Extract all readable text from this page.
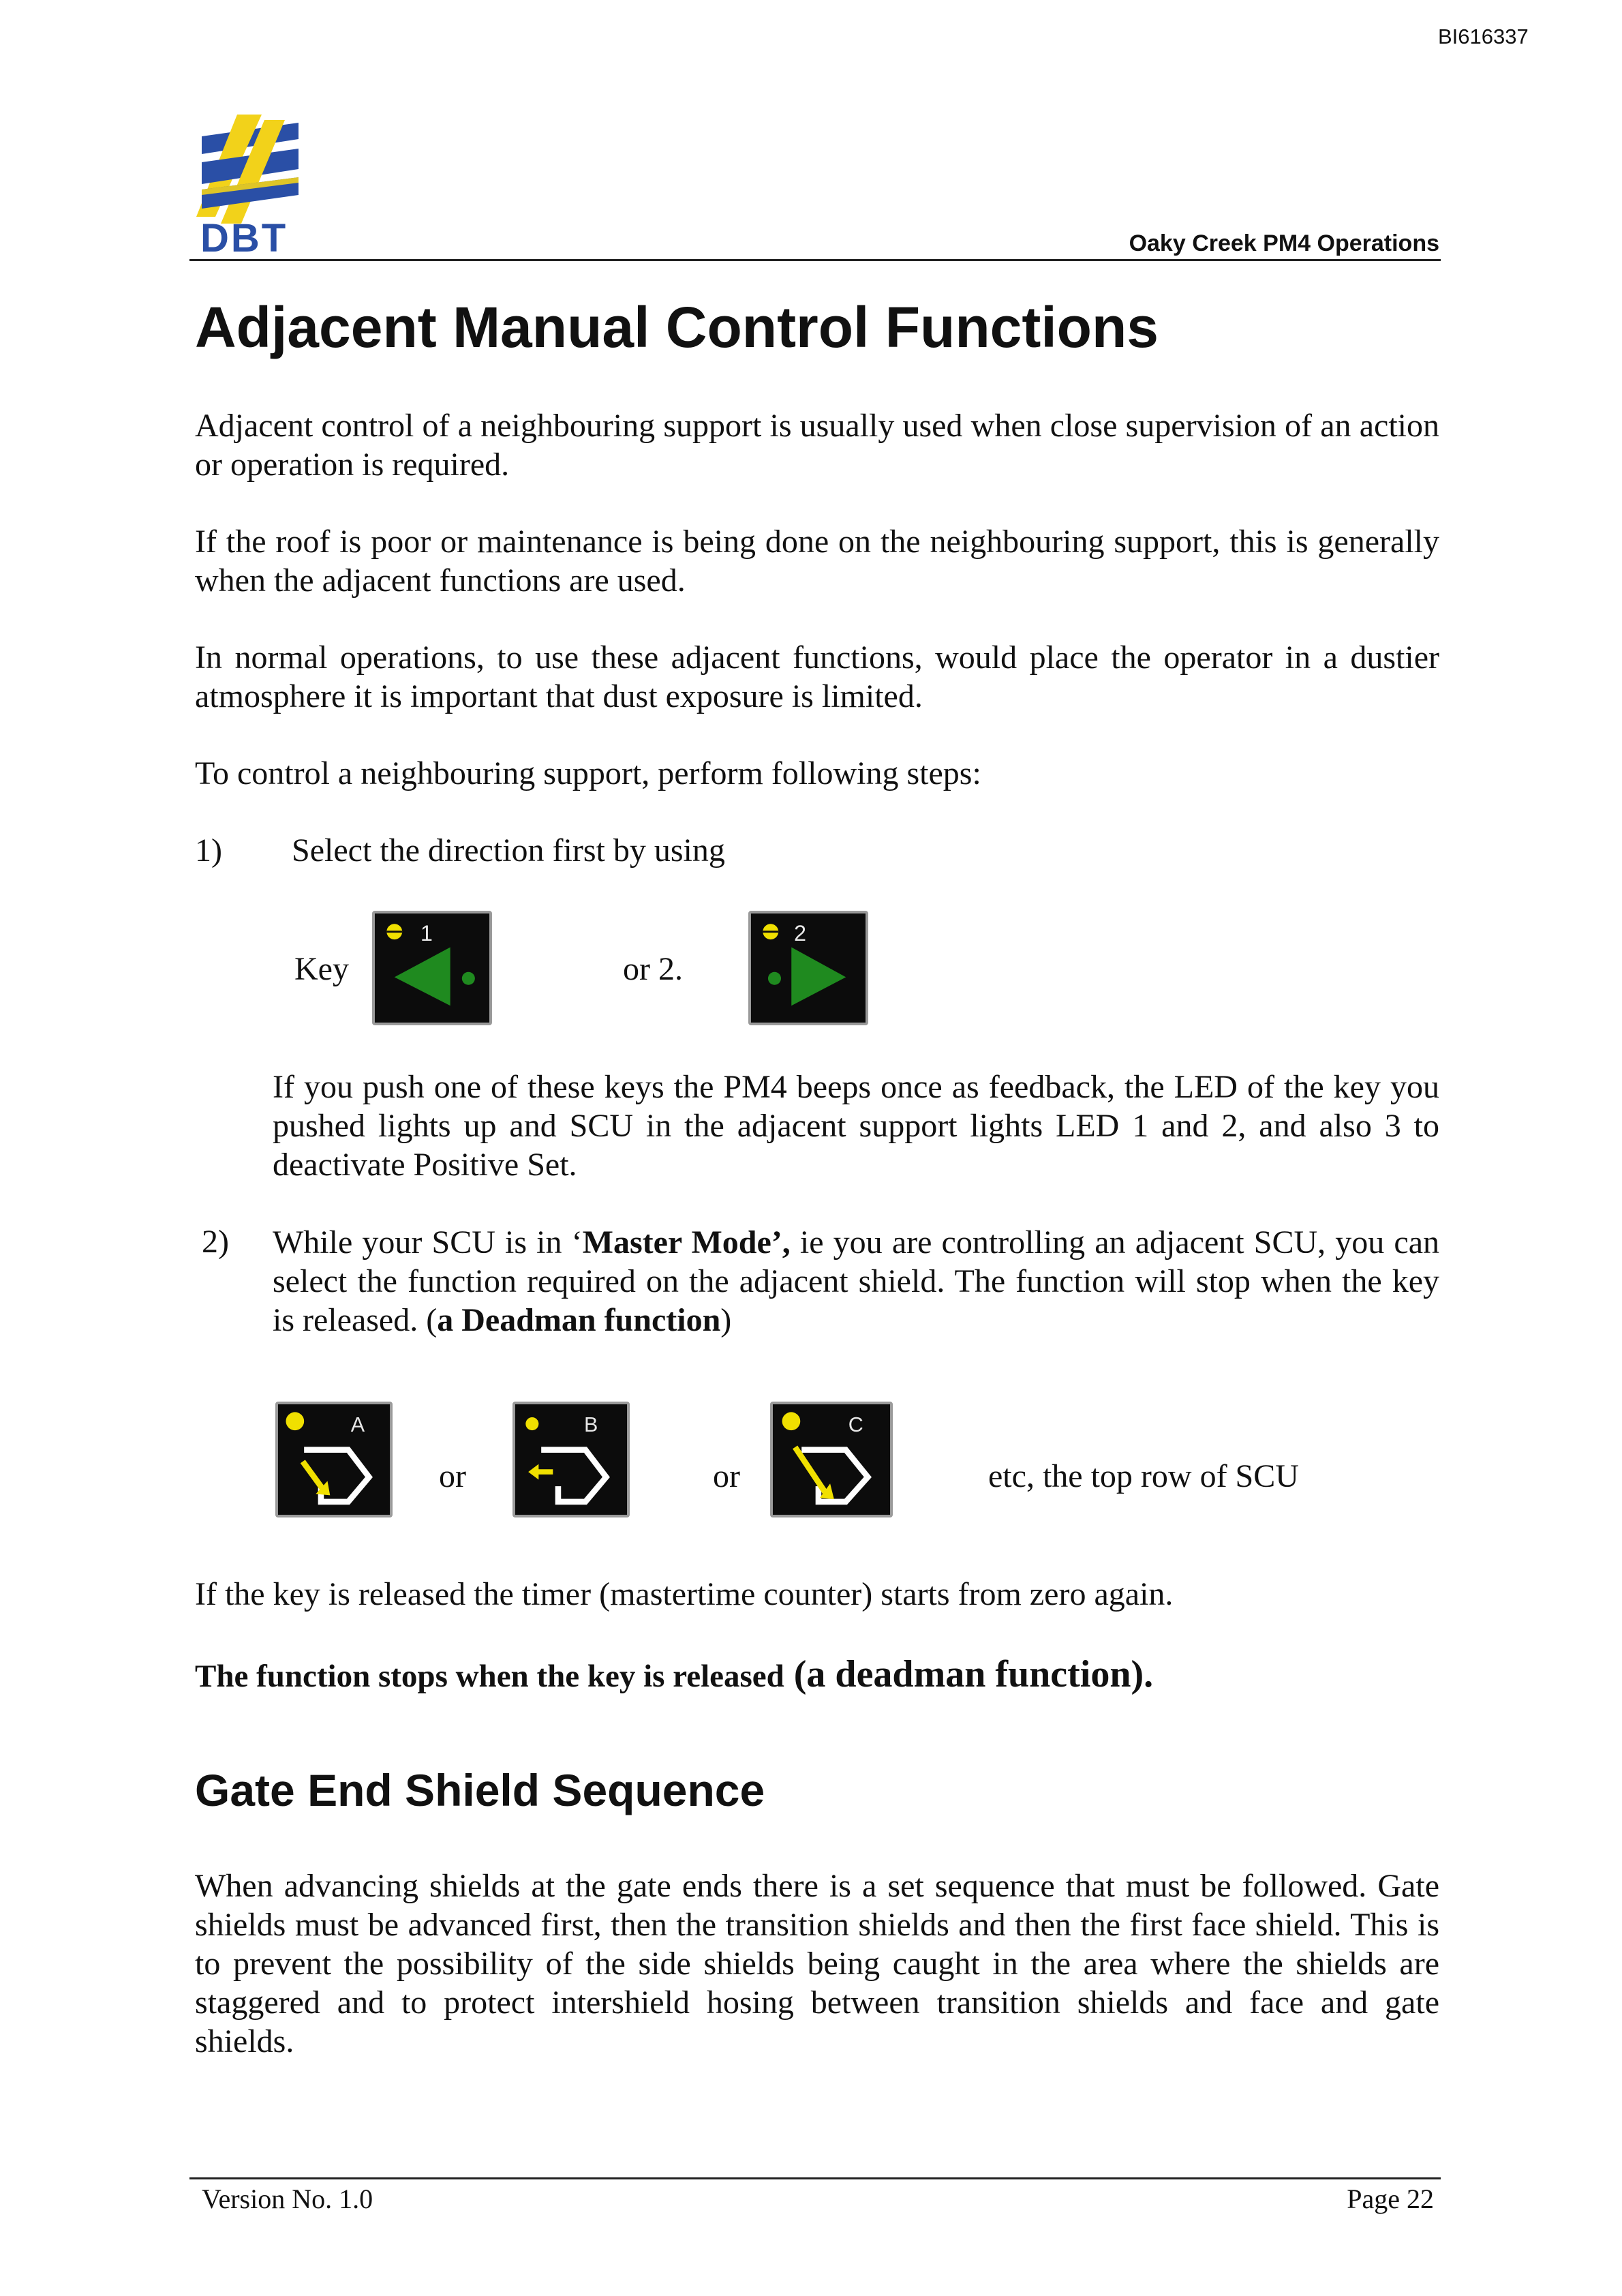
BI616337
DBT	Oaky Creek PM4 Operations
Adjacent Manual Control Functions

Adjacent control of a neighbouring support is usually used when close supervision of an action or operation is required.

If the roof is poor or maintenance is being done on the neighbouring support, this is generally when the adjacent functions are used.

In normal operations, to use these adjacent functions, would place the operator in a dustier atmosphere it is important that dust exposure is limited.

To control a neighbouring support, perform following steps:

1) Select the direction first by using
Key
1
or 2.
2

If you push one of these keys the PM4 beeps once as feedback, the LED of the key you pushed lights up and SCU in the adjacent support lights LED 1 and 2, and also 3 to deactivate Positive Set.

2) While your SCU is in ‘Master Mode’, ie you are controlling an adjacent SCU, you can select the function required on the adjacent shield. The function will stop when the key is released. (a Deadman function)

A
or
B
or
C
etc, the top row of SCU

If the key is released the timer (mastertime counter) starts from zero again.

The function stops when the key is released (a deadman function).
Gate End Shield Sequence

When advancing shields at the gate ends there is a set sequence that must be followed. Gate shields must be advanced first, then the transition shields and then the first face shield. This is to prevent the possibility of the side shields being caught in the area where the shields are staggered and to protect intershield hosing between transition shields and face and gate shields.

Version No. 1.0	Page 22
